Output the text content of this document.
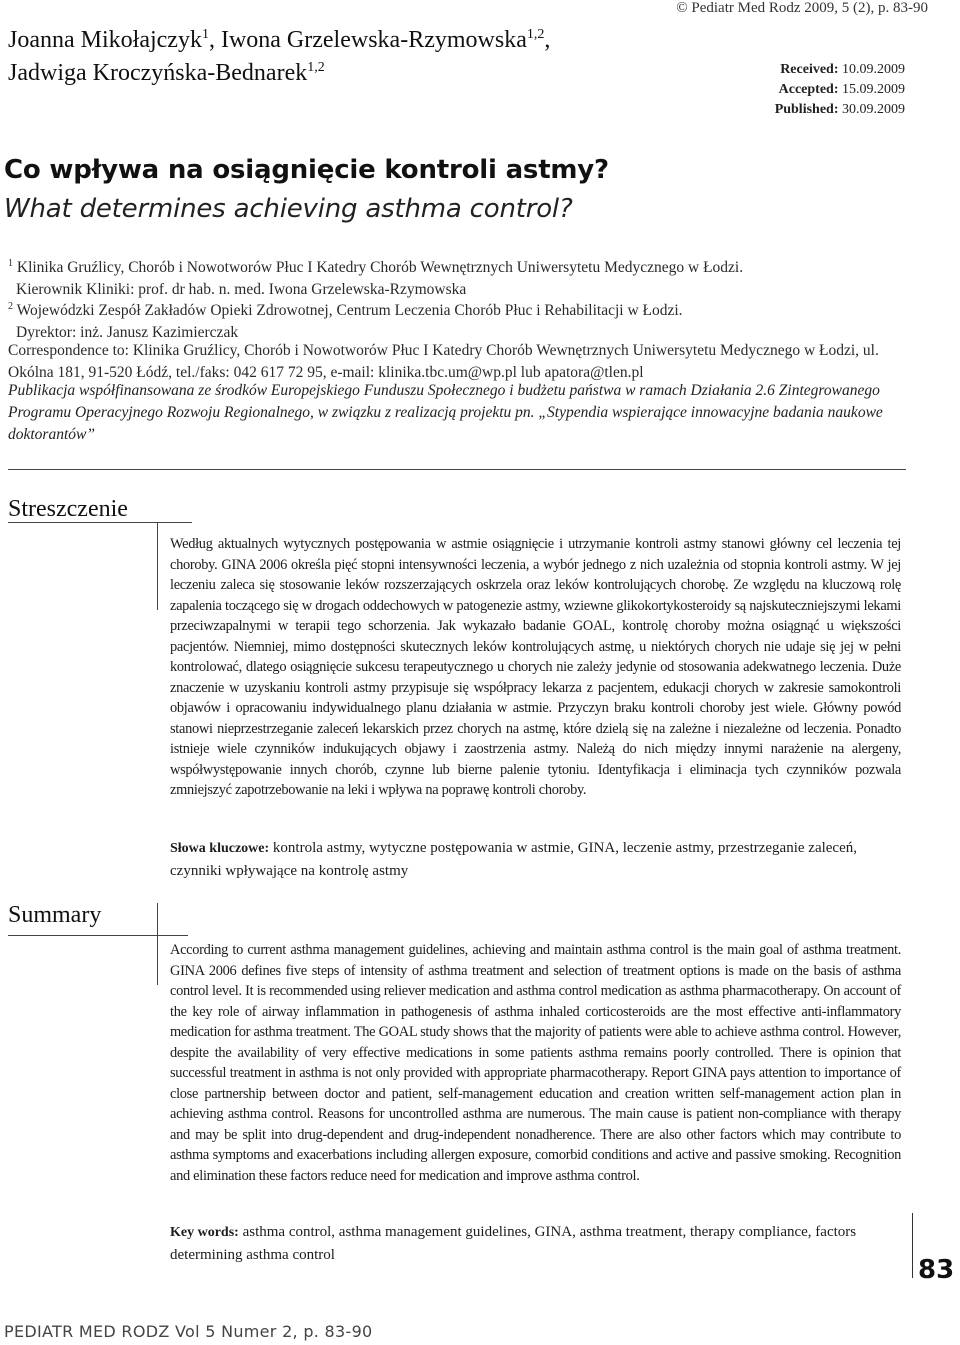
Joanna Mikołajczyk$^1$, Iwona Grzelewska-Rzymowska$^{1,2}$,
Jadwiga Kroczyńska-Bednarek$^{1,2}$
© Pediatr Med Rodz 2009, 5 (2), p. 83-90
Received: 10.09.2009
Accepted: 15.09.2009
Published: 30.09.2009
Co wpływa na osiągnięcie kontroli astmy?
What determines achieving asthma control?
$^1$ Klinika Gruźlicy, Chorób i Nowotworów Płuc I Katedry Chorób Wewnętrznych Uniwersytetu Medycznego w Łodzi.
Kierownik Kliniki: prof. dr hab. n. med. Iwona Grzelewska-Rzymowska
$^2$ Wojewódzki Zespół Zakładów Opieki Zdrowotnej, Centrum Leczenia Chorób Płuc i Rehabilitacji w Łodzi.
Dyrektor: inż. Janusz Kazimierczak
Correspondence to: Klinika Gruźlicy, Chorób i Nowotworów Płuc I Katedry Chorób Wewnętrznych Uniwersytetu Medycznego w Łodzi, ul. Okólna 181, 91-520 Łódź, tel./faks: 042 617 72 95, e-mail: klinika.tbc.um@wp.pl lub apatora@tlen.pl
Publikacja współfinansowana ze środków Europejskiego Funduszu Społecznego i budżetu państwa w ramach Działania 2.6 Zintegrowanego Programu Operacyjnego Rozwoju Regionalnego, w związku z realizacją projektu pn. „Stypendia wspierające innowacyjne badania naukowe doktorantów”
Streszczenie
Według aktualnych wytycznych postępowania w astmie osiągnięcie i utrzymanie kontroli astmy stanowi główny cel leczenia tej choroby. GINA 2006 określa pięć stopni intensywności leczenia, a wybór jednego z nich uzależnia od stopnia kontroli astmy. W jej leczeniu zaleca się stosowanie leków rozszerzających oskrzela oraz leków kontrolujących chorobę. Ze względu na kluczową rolę zapalenia toczącego się w drogach oddechowych w patogenezie astmy, wziewne glikokortykosteroidy są najskuteczniejszymi lekami przeciwzapalnymi w terapii tego schorzenia. Jak wykazało badanie GOAL, kontrolę choroby można osiągnąć u większości pacjentów. Niemniej, mimo dostępności skutecznych leków kontrolujących astmę, u niektórych chorych nie udaje się jej w pełni kontrolować, dlatego osiągnięcie sukcesu terapeutycznego u chorych nie zależy jedynie od stosowania adekwatnego leczenia. Duże znaczenie w uzyskaniu kontroli astmy przypisuje się współpracy lekarza z pacjentem, edukacji chorych w zakresie samokontroli objawów i opracowaniu indywidualnego planu działania w astmie. Przyczyn braku kontroli choroby jest wiele. Główny powód stanowi nieprzestrzeganie zaleceń lekarskich przez chorych na astmę, które dzielą się na zależne i niezależne od leczenia. Ponadto istnieje wiele czynników indukujących objawy i zaostrzenia astmy. Należą do nich między innymi narażenie na alergeny, współwystępowanie innych chorób, czynne lub bierne palenie tytoniu. Identyfikacja i eliminacja tych czynników pozwala zmniejszyć zapotrzebowanie na leki i wpływa na poprawę kontroli choroby.
Słowa kluczowe: kontrola astmy, wytyczne postępowania w astmie, GINA, leczenie astmy, przestrzeganie zaleceń, czynniki wpływające na kontrolę astmy
Summary
According to current asthma management guidelines, achieving and maintain asthma control is the main goal of asthma treatment. GINA 2006 defines five steps of intensity of asthma treatment and selection of treatment options is made on the basis of asthma control level. It is recommended using reliever medication and asthma control medication as asthma pharmacotherapy. On account of the key role of airway inflammation in pathogenesis of asthma inhaled corticosteroids are the most effective anti-inflammatory medication for asthma treatment. The GOAL study shows that the majority of patients were able to achieve asthma control. However, despite the availability of very effective medications in some patients asthma remains poorly controlled. There is opinion that successful treatment in asthma is not only provided with appropriate pharmacotherapy. Report GINA pays attention to importance of close partnership between doctor and patient, self-management education and creation written self-management action plan in achieving asthma control. Reasons for uncontrolled asthma are numerous. The main cause is patient non-compliance with therapy and may be split into drug-dependent and drug-independent nonadherence. There are also other factors which may contribute to asthma symptoms and exacerbations including allergen exposure, comorbid conditions and active and passive smoking. Recognition and elimination these factors reduce need for medication and improve asthma control.
Key words: asthma control, asthma management guidelines, GINA, asthma treatment, therapy compliance, factors determining asthma control	83
PEDIATR MED RODZ Vol 5 Numer 2, p. 83-90
